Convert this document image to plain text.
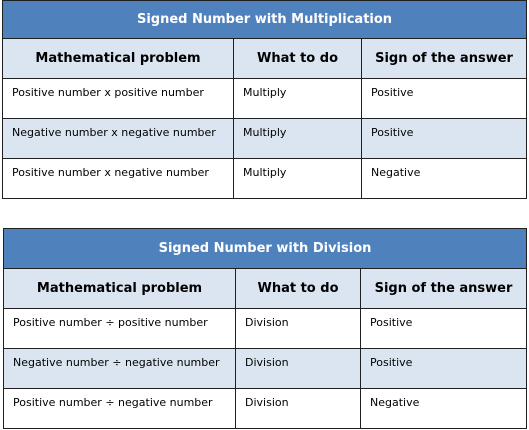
Signed Number with Multiplication		
Mathematical problem	What to do	Sign of the answer

Positive number x positive number	Multiply	Positive

Negative number x negative number	Multiply	Positive

Positive number x negative number	Multiply	Negative
Signed Number with Division		
Mathematical problem	What to do	Sign of the answer

Positive number ÷ positive number	Division	Positive

Negative number ÷ negative number	Division	Positive

Positive number ÷ negative number	Division	Negative
